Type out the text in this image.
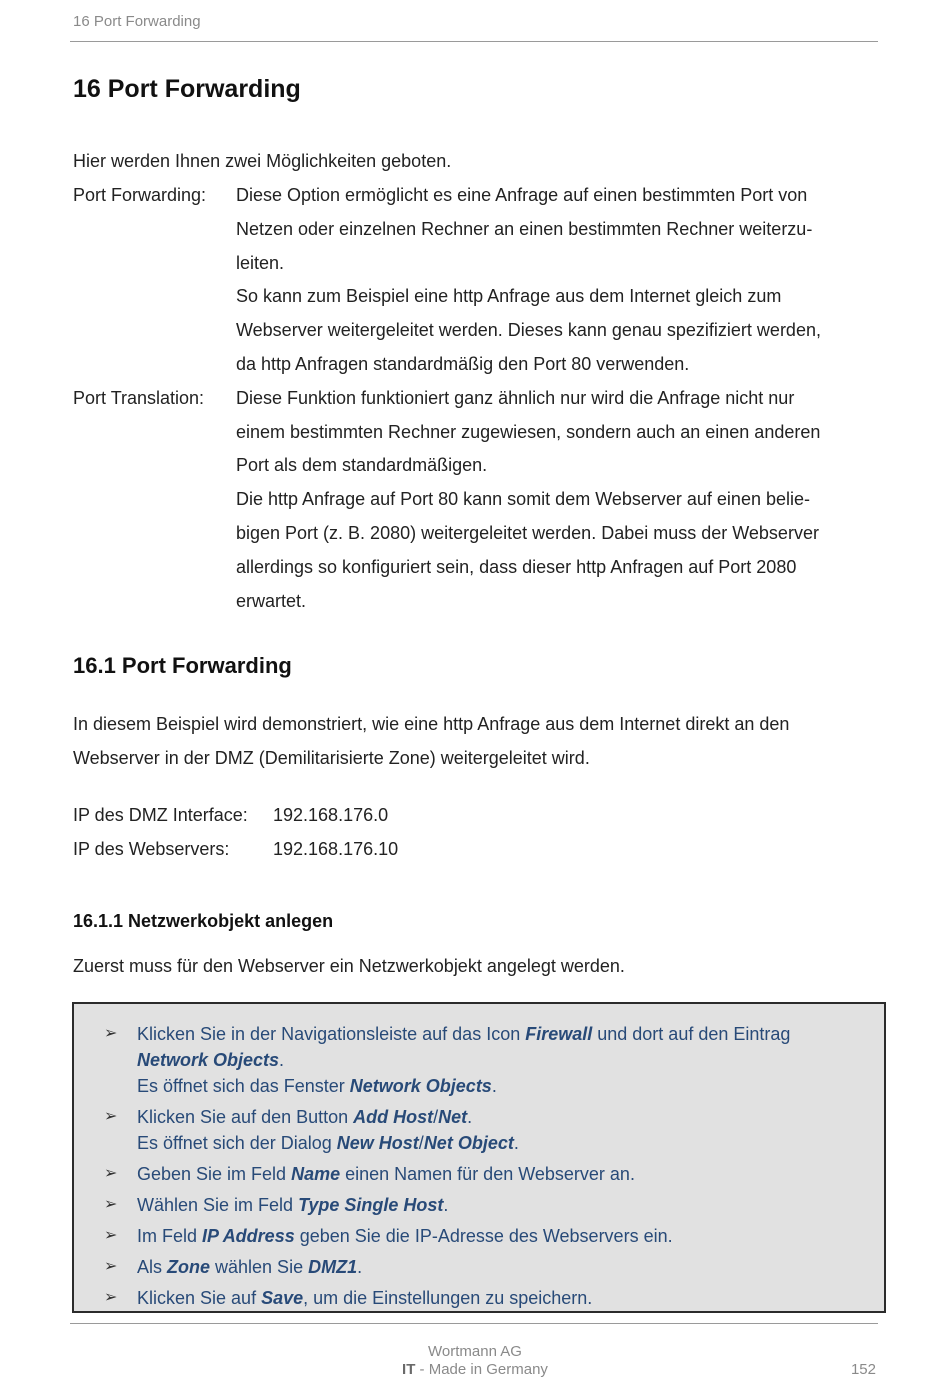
16 Port Forwarding
16 Port Forwarding
Hier werden Ihnen zwei Möglichkeiten geboten.
Port Forwarding:	Diese Option ermöglicht es eine Anfrage auf einen bestimmten Port von
Netzen oder einzelnen Rechner an einen bestimmten Rechner weiterzu-
leiten.
So kann zum Beispiel eine http Anfrage aus dem Internet gleich zum
Webserver weitergeleitet werden. Dieses kann genau spezifiziert werden,
da http Anfragen standardmäßig den Port 80 verwenden.
Port Translation:	Diese Funktion funktioniert ganz ähnlich nur wird die Anfrage nicht nur
einem bestimmten Rechner zugewiesen, sondern auch an einen anderen
Port als dem standardmäßigen.
Die http Anfrage auf Port 80 kann somit dem Webserver auf einen belie-
bigen Port (z. B. 2080) weitergeleitet werden. Dabei muss der Webserver
allerdings so konfiguriert sein, dass dieser http Anfragen auf Port 2080
erwartet.
16.1 Port Forwarding
In diesem Beispiel wird demonstriert, wie eine http Anfrage aus dem Internet direkt an den
Webserver in der DMZ (Demilitarisierte Zone) weitergeleitet wird.
IP des DMZ Interface:	192.168.176.0
IP des Webservers:	192.168.176.10
16.1.1 Netzwerkobjekt anlegen
Zuerst muss für den Webserver ein Netzwerkobjekt angelegt werden.
➢ Klicken Sie in der Navigationsleiste auf das Icon Firewall und dort auf den Eintrag
Network Objects.
Es öffnet sich das Fenster Network Objects.
➢ Klicken Sie auf den Button Add Host/Net.
Es öffnet sich der Dialog New Host/Net Object.
➢ Geben Sie im Feld Name einen Namen für den Webserver an.
➢ Wählen Sie im Feld Type Single Host.
➢ Im Feld IP Address geben Sie die IP-Adresse des Webservers ein.
➢ Als Zone wählen Sie DMZ1.
➢ Klicken Sie auf Save, um die Einstellungen zu speichern.
Wortmann AG
IT - Made in Germany	152
